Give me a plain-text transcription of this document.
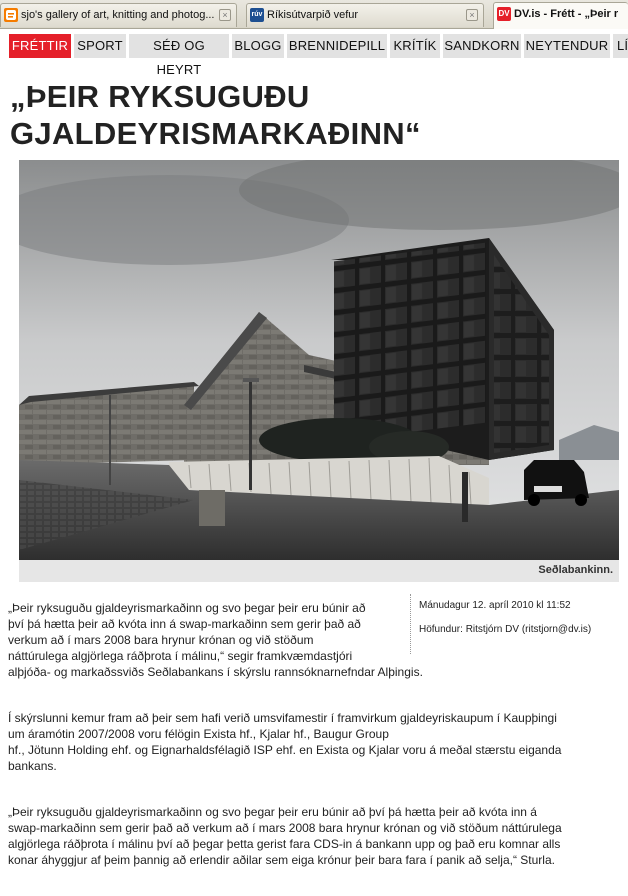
sjo's gallery of art, knitting and photog... ×	rúv Ríkisútvarpið vefur	×	DV DV.is - Frétt - „Þeir r
FRÉTTIR SPORT	SÉÐ OG HEYRT
BLOGG BRENNIDEPILL KRÍTÍK SANDKORN NEYTENDUR LÍ
„ÞEIR RYKSUGUÐU
GJALDEYRISMARKAÐINN“
Seðlabankinn.
Mánudagur 12. apríl 2010 kl 11:52
Höfundur: Ritstjórn DV (ritstjorn@dv.is)
„Þeir ryksuguðu gjaldeyrismarkaðinn og svo þegar þeir eru búnir að
því þá hætta þeir að kvóta inn á swap-markaðinn sem gerir það að
verkum að í mars 2008 bara hrynur krónan og við stöðum
náttúrulega algjörlega ráðþrota í málinu,“ segir framkvæmdastjóri
alþjóða- og markaðssviðs Seðlabankans í skýrslu rannsóknarnefndar Alþingis.
Í skýrslunni kemur fram að þeir sem hafi verið umsvifamestir í framvirkum gjaldeyriskaupum í Kaupþingi
um áramótin 2007/2008 voru félögin Exista hf., Kjalar hf., Baugur Group
hf., Jötunn Holding ehf. og Eignarhaldsfélagið ISP ehf. en Exista og Kjalar voru á meðal stærstu eiganda
bankans.
„Þeir ryksuguðu gjaldeyrismarkaðinn og svo þegar þeir eru búnir að því þá hætta þeir að kvóta inn á
swap-markaðinn sem gerir það að verkum að í mars 2008 bara hrynur krónan og við stöðum náttúrulega
algjörlega ráðþrota í málinu því að þegar þetta gerist fara CDS-in á bankann upp og það eru komnar alls
konar áhyggjur af þeim þannig að erlendir aðilar sem eiga krónur þeir bara fara í panik að selja,“ Sturla.
